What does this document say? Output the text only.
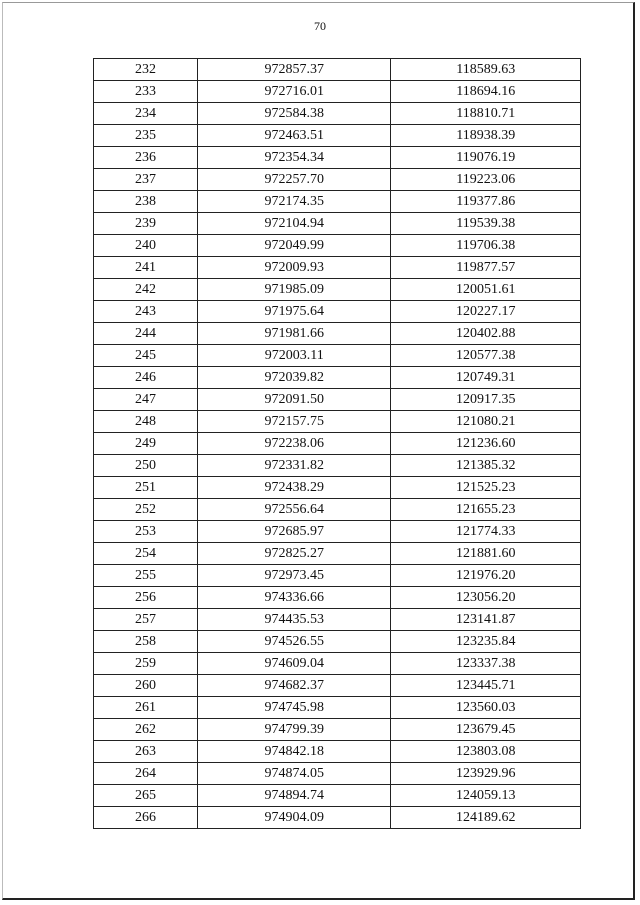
70
232	972857.37	118589.63
233	972716.01	118694.16
234	972584.38	118810.71
235	972463.51	118938.39
236	972354.34	119076.19
237	972257.70	119223.06
238	972174.35	119377.86
239	972104.94	119539.38
240	972049.99	119706.38
241	972009.93	119877.57
242	971985.09	120051.61
243	971975.64	120227.17
244	971981.66	120402.88
245	972003.11	120577.38
246	972039.82	120749.31
247	972091.50	120917.35
248	972157.75	121080.21
249	972238.06	121236.60
250	972331.82	121385.32
251	972438.29	121525.23
252	972556.64	121655.23
253	972685.97	121774.33
254	972825.27	121881.60
255	972973.45	121976.20
256	974336.66	123056.20
257	974435.53	123141.87
258	974526.55	123235.84
259	974609.04	123337.38
260	974682.37	123445.71
261	974745.98	123560.03
262	974799.39	123679.45
263	974842.18	123803.08
264	974874.05	123929.96
265	974894.74	124059.13
266	974904.09	124189.62
